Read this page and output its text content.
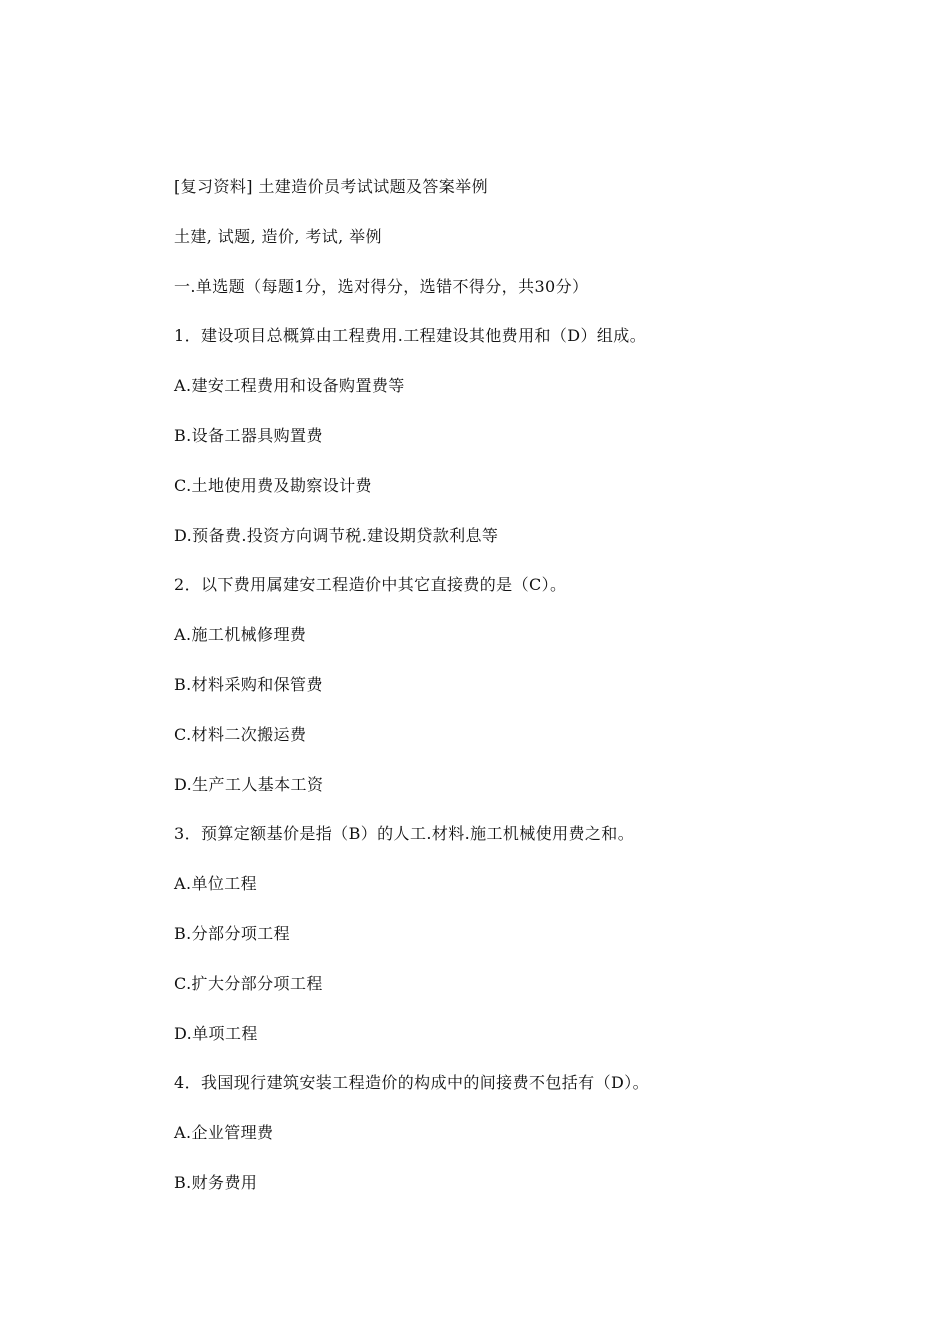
[复习资料] 土建造价员考试试题及答案举例
土建, 试题, 造价, 考试, 举例
一.单选题（每题1分，选对得分，选错不得分，共30分）
1．建设项目总概算由工程费用.工程建设其他费用和（D）组成。
A.建安工程费用和设备购置费等
B.设备工器具购置费
C.土地使用费及勘察设计费
D.预备费.投资方向调节税.建设期贷款利息等
2．以下费用属建安工程造价中其它直接费的是（C）。
A.施工机械修理费
B.材料采购和保管费
C.材料二次搬运费
D.生产工人基本工资
3．预算定额基价是指（B）的人工.材料.施工机械使用费之和。
A.单位工程
B.分部分项工程
C.扩大分部分项工程
D.单项工程
4．我国现行建筑安装工程造价的构成中的间接费不包括有（D）。
A.企业管理费
B.财务费用
